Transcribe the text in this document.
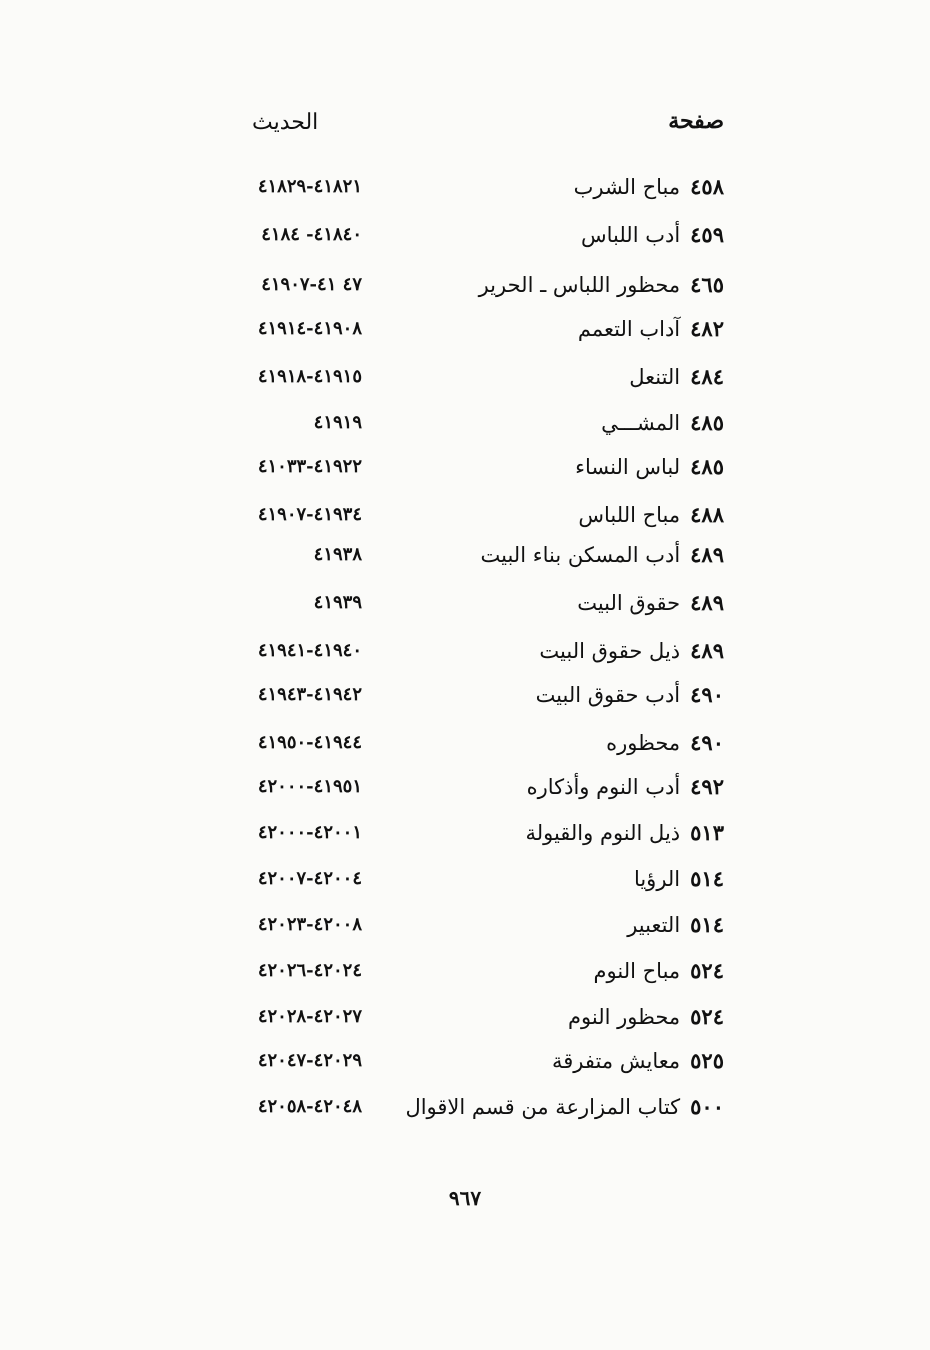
صفحة
الحديث
٤٥٨مباح الشرب
٤١٨٢١-٤١٨٢٩
٤٥٩أدب اللباس
٤١٨٤٠- ٤١٨٤
٤٦٥محظور اللباس ـ الحرير
٤٧ ٤١-٤١٩٠٧
٤٨٢آداب التعمم
٤١٩٠٨-٤١٩١٤
٤٨٤التنعل
٤١٩١٥-٤١٩١٨
٤٨٥المشـــي
٤١٩١٩
٤٨٥لباس النساء
٤١٩٢٢-٤١٠٣٣
٤٨٨مباح اللباس
٤١٩٣٤-٤١٩٠٧
٤٨٩أدب المسكن بناء البيت
٤١٩٣٨
٤٨٩حقوق البيت
٤١٩٣٩
٤٨٩ذيل حقوق البيت
٤١٩٤٠-٤١٩٤١
٤٩٠أدب حقوق البيت
٤١٩٤٢-٤١٩٤٣
٤٩٠محظوره
٤١٩٤٤-٤١٩٥٠
٤٩٢أدب النوم وأذكاره
٤١٩٥١-٤٢٠٠٠
٥١٣ذيل النوم والقيولة
٤٢٠٠١-٤٢٠٠٠
٥١٤الرؤيا
٤٢٠٠٤-٤٢٠٠٧
٥١٤التعبير
٤٢٠٠٨-٤٢٠٢٣
٥٢٤مباح النوم
٤٢٠٢٤-٤٢٠٢٦
٥٢٤محظور النوم
٤٢٠٢٧-٤٢٠٢٨
٥٢٥معايش متفرقة
٤٢٠٢٩-٤٢٠٤٧
٥٠٠كتاب المزارعة من قسم الاقوال
٤٢٠٤٨-٤٢٠٥٨
٩٦٧
